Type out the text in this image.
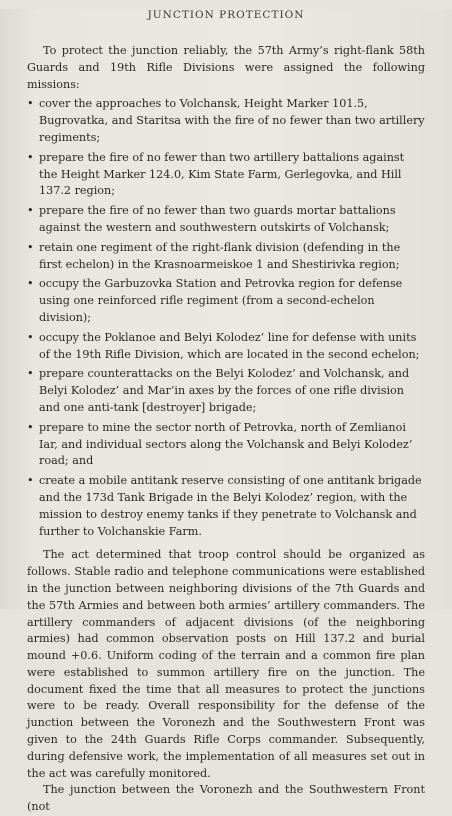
JUNCTION PROTECTION

To protect the junction reliably, the 57th Army’s right-flank 58th Guards and 19th Rifle Divisions were assigned the following missions:

• cover the approaches to Volchansk, Height Marker 101.5, Bugrovatka, and Staritsa with the fire of no fewer than two artillery regiments;
• prepare the fire of no fewer than two artillery battalions against the Height Marker 124.0, Kim State Farm, Gerlegovka, and Hill 137.2 region;
• prepare the fire of no fewer than two guards mortar battalions against the western and southwestern outskirts of Volchansk;
• retain one regiment of the right-flank division (defending in the first echelon) in the Krasnoarmeiskoe 1 and Shestirivka region;
• occupy the Garbuzovka Station and Petrovka region for defense using one reinforced rifle regiment (from a second-echelon division);
• occupy the Poklanoe and Belyi Kolodez’ line for defense with units of the 19th Rifle Division, which are located in the second echelon;
• prepare counterattacks on the Belyi Kolodez’ and Volchansk, and Belyi Kolodez’ and Mar’in axes by the forces of one rifle division and one anti-tank [destroyer] brigade;
• prepare to mine the sector north of Petrovka, north of Zemlianoi Iar, and individual sectors along the Volchansk and Belyi Kolodez’ road; and
• create a mobile antitank reserve consisting of one antitank brigade and the 173d Tank Brigade in the Belyi Kolodez’ region, with the mission to destroy enemy tanks if they penetrate to Volchansk and further to Volchanskie Farm.

The act determined that troop control should be organized as follows. Stable radio and telephone communications were established in the junction between neighboring divisions of the 7th Guards and the 57th Armies and between both armies’ artillery commanders. The artillery commanders of adjacent divisions (of the neighboring armies) had common observation posts on Hill 137.2 and burial mound +0.6. Uniform coding of the terrain and a common fire plan were established to summon artillery fire on the junction. The document fixed the time that all measures to protect the junctions were to be ready. Overall responsibility for the defense of the junction between the Voronezh and the Southwestern Front was given to the 24th Guards Rifle Corps commander. Subsequently, during defensive work, the implementation of all measures set out in the act was carefully monitored.

The junction between the Voronezh and the Southwestern Front (not
